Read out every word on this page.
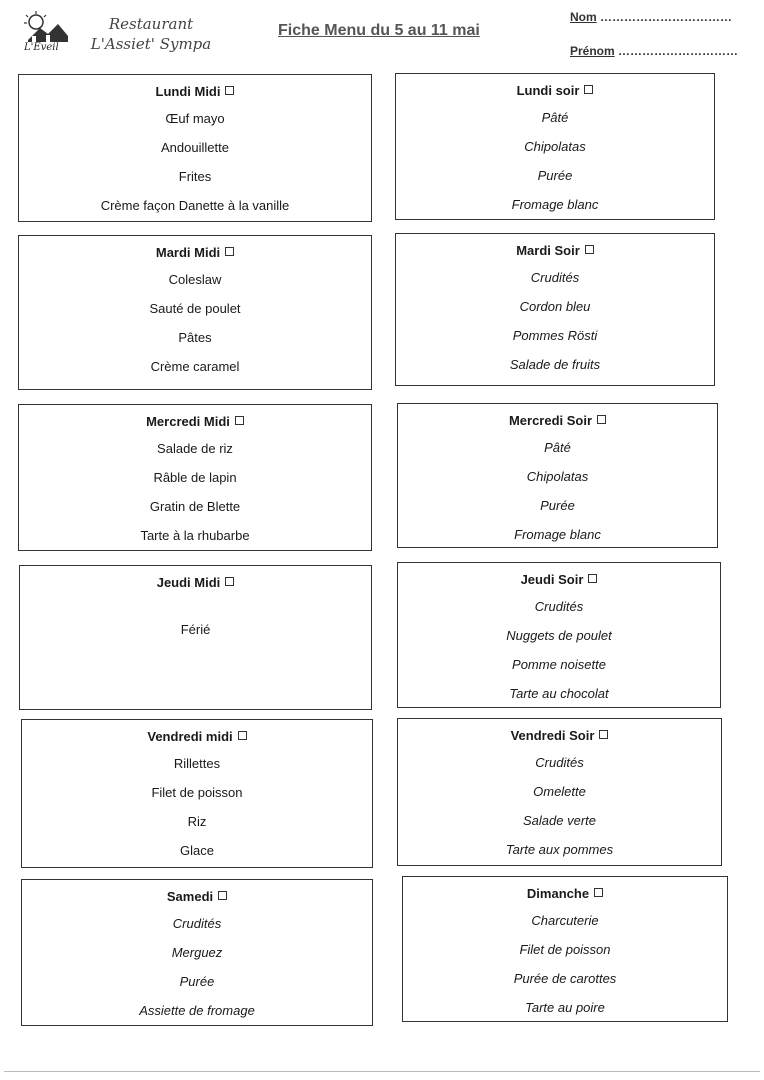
L'Eveil
Restaurant
L'Assiet' Sympa
Fiche Menu du 5 au 11 mai
Nom ……………………………
Prénom …………………………
Lundi Midi
Œuf mayo
Andouillette
Frites
Crème façon Danette à la vanille
Lundi soir
Pâté
Chipolatas
Purée
Fromage blanc
Mardi Midi
Coleslaw
Sauté de poulet
Pâtes
Crème caramel
Mardi Soir
Crudités
Cordon bleu
Pommes Rösti
Salade de fruits
Mercredi Midi
Salade de riz
Râble de lapin
Gratin de Blette
Tarte à la rhubarbe
Mercredi Soir
Pâté
Chipolatas
Purée
Fromage blanc
Jeudi Midi
Férié
Jeudi Soir
Crudités
Nuggets de poulet
Pomme noisette
Tarte au chocolat
Vendredi midi
Rillettes
Filet de poisson
Riz
Glace
Vendredi Soir
Crudités
Omelette
Salade verte
Tarte aux pommes
Samedi
Crudités
Merguez
Purée
Assiette de fromage
Dimanche
Charcuterie
Filet de poisson
Purée de carottes
Tarte au poire
